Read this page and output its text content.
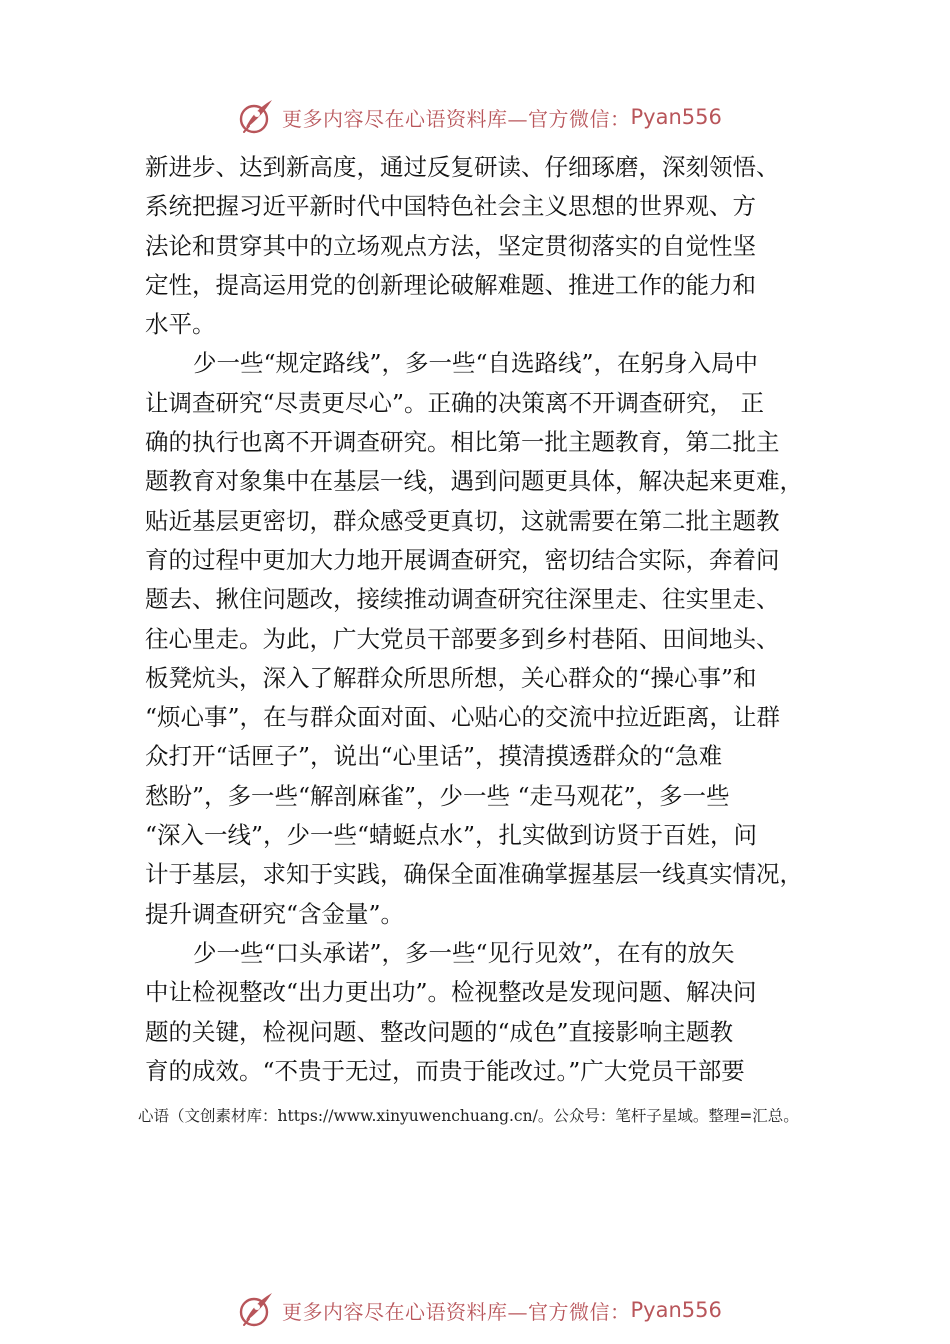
更多内容尽在心语资料库—官方微信： Pyan556
新进步、达到新高度，通过反复研读、仔细琢磨，深刻领悟、
系统把握习近平新时代中国特色社会主义思想的世界观、方
法论和贯穿其中的立场观点方法，坚定贯彻落实的自觉性坚
定性，提高运用党的创新理论破解难题、推进工作的能力和
水平。
少一些“规定路线”，多一些“自选路线”，在躬身入局中
让调查研究“尽责更尽心”。正确的决策离不开调查研究， 正
确的执行也离不开调查研究。相比第一批主题教育，第二批主
题教育对象集中在基层一线，遇到问题更具体，解决起来更难，
贴近基层更密切，群众感受更真切，这就需要在第二批主题教
育的过程中更加大力地开展调查研究，密切结合实际，奔着问
题去、揪住问题改，接续推动调查研究往深里走、往实里走、
往心里走。为此，广大党员干部要多到乡村巷陌、田间地头、
板凳炕头，深入了解群众所思所想，关心群众的“操心事”和
“烦心事”，在与群众面对面、心贴心的交流中拉近距离，让群
众打开“话匣子”，说出“心里话”，摸清摸透群众的“急难
愁盼”，多一些“解剖麻雀”，少一些 “走马观花”，多一些
“深入一线”，少一些“蜻蜓点水”，扎实做到访贤于百姓，问
计于基层，求知于实践，确保全面准确掌握基层一线真实情况，
提升调查研究“含金量”。
少一些“口头承诺”，多一些“见行见效”，在有的放矢
中让检视整改“出力更出功”。检视整改是发现问题、解决问
题的关键，检视问题、整改问题的“成色”直接影响主题教
育的成效。“不贵于无过，而贵于能改过。”广大党员干部要
心语（文创素材库：https://www.xinyuwenchuang.cn/。公众号：笔杆子星域。整理=汇总。
更多内容尽在心语资料库—官方微信： Pyan556
